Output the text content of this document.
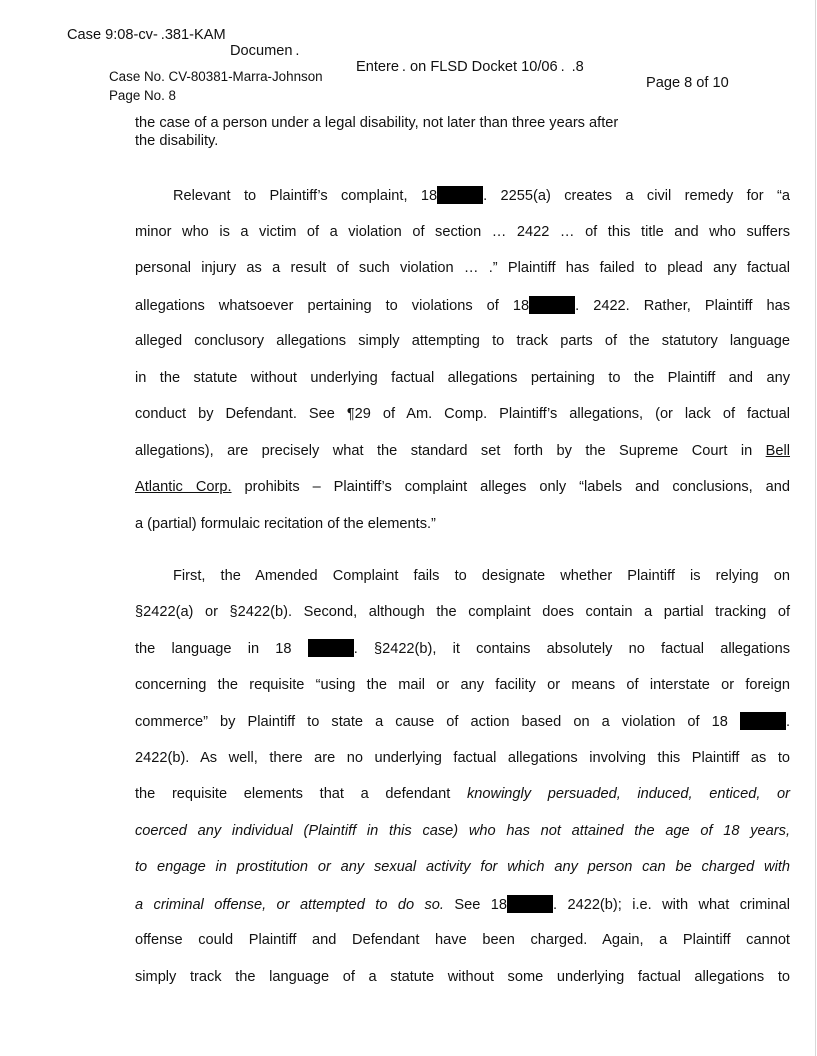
Case 9:08-cv- .381-KAM

Documen .  

Entere . on FLSD Docket 10/06 .  .8

Page 8 of 10

Case No. CV-80381-Marra-Johnson
Page No. 8
the case of a person under a legal disability, not later than three years after
the disability.
Relevant to Plaintiff’s complaint, 18	. 2255(a) creates a civil remedy for “a
minor who is a victim of a violation of section … 2422 … of this title and who suffers
personal injury as a result of such violation … .” Plaintiff has failed to plead any factual
allegations whatsoever pertaining to violations of 18	. 2422. Rather, Plaintiff has
alleged conclusory allegations simply attempting to track parts of the statutory language
in the statute without underlying factual allegations pertaining to the Plaintiff and any
conduct by Defendant. See ¶29 of Am. Comp. Plaintiff’s allegations, (or lack of factual
allegations), are precisely what the standard set forth by the Supreme Court in Bell
Atlantic Corp. prohibits – Plaintiff’s complaint alleges only “labels and conclusions, and
a (partial) formulaic recitation of the elements.”
First, the Amended Complaint fails to designate whether Plaintiff is relying on
§2422(a) or §2422(b). Second, although the complaint does contain a partial tracking of
the language in 18	. §2422(b), it contains absolutely no factual allegations
concerning the requisite “using the mail or any facility or means of interstate or foreign
commerce” by Plaintiff to state a cause of action based on a violation of 18	.
2422(b). As well, there are no underlying factual allegations involving this Plaintiff as to
the requisite elements that a defendant knowingly persuaded, induced, enticed, or
coerced any individual (Plaintiff in this case) who has not attained the age of 18 years,
to engage in prostitution or any sexual activity for which any person can be charged with
a criminal offense, or attempted to do so. See 18	. 2422(b); i.e. with what criminal
offense could Plaintiff and Defendant have been charged. Again, a Plaintiff cannot
simply track the language of a statute without some underlying factual allegations to
